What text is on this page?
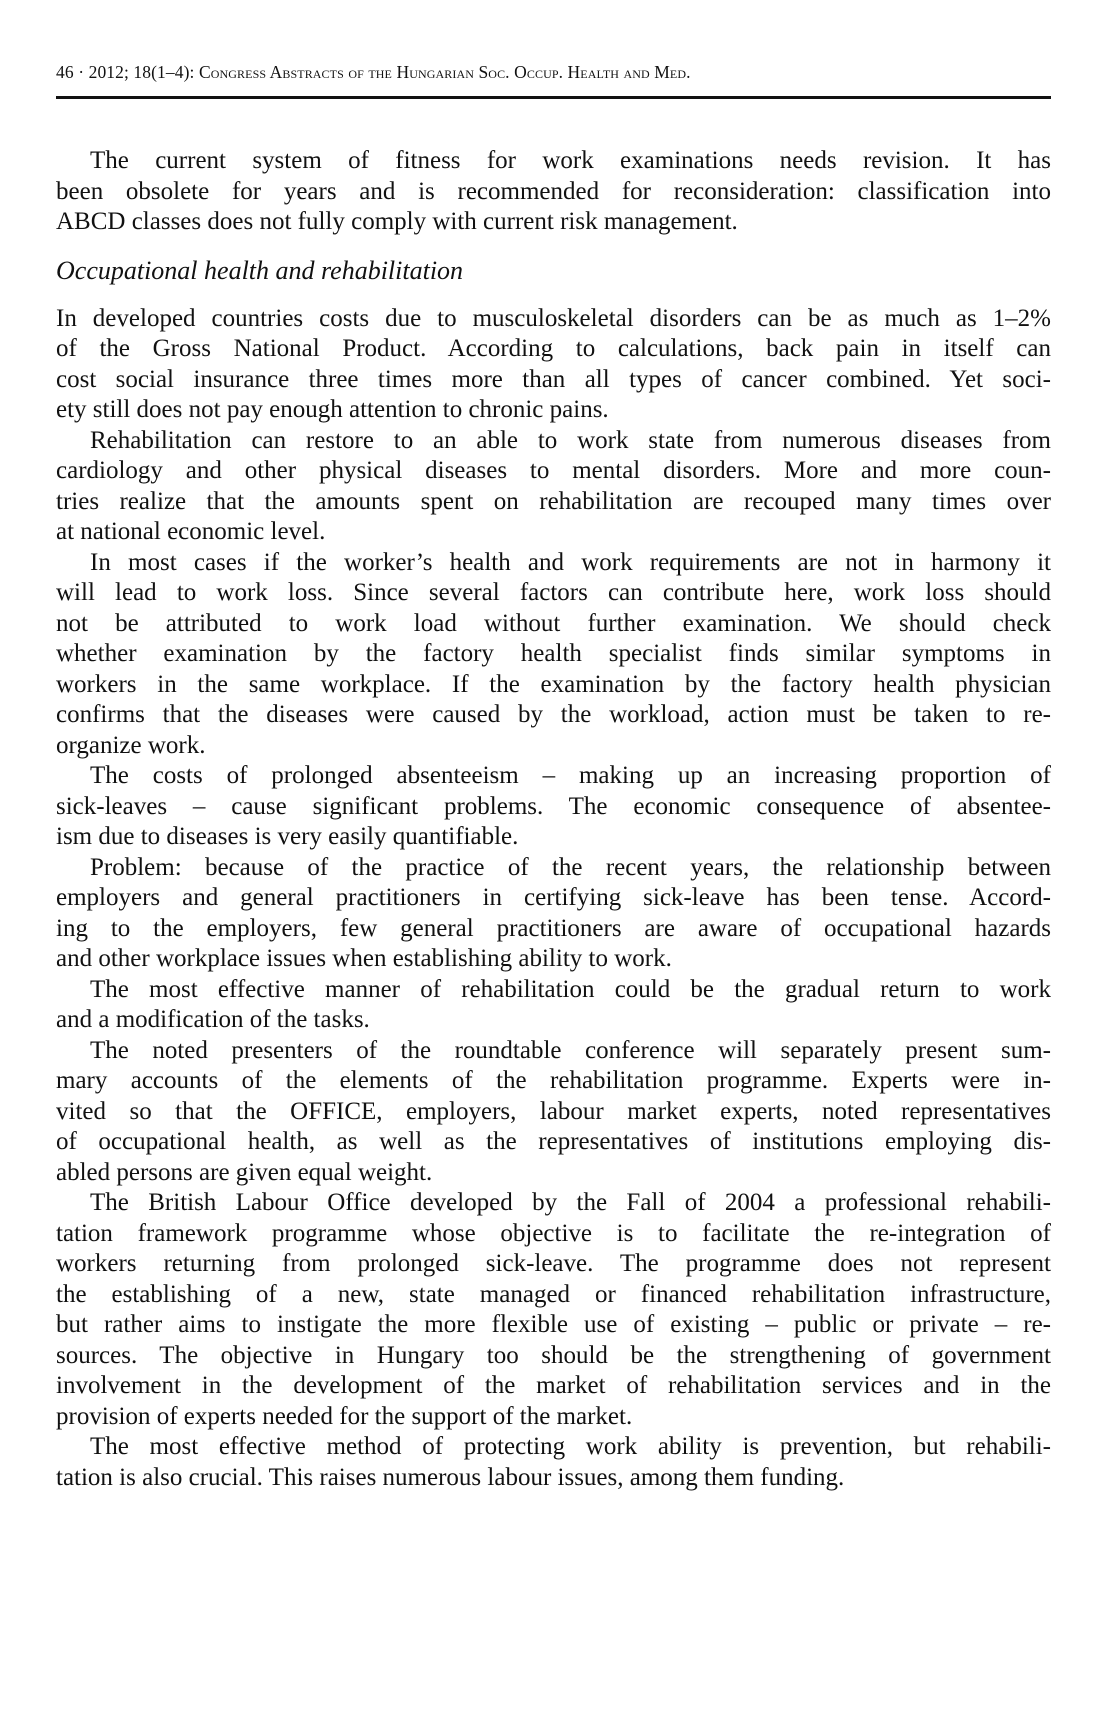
46 · 2012; 18(1–4): Congress Abstracts of the Hungarian Soc. Occup. Health and Med.
The current system of fitness for work examinations needs revision. It has
been obsolete for years and is recommended for reconsideration: classification into
ABCD classes does not fully comply with current risk management.
Occupational health and rehabilitation
In developed countries costs due to musculoskeletal disorders can be as much as 1–2%
of the Gross National Product. According to calculations, back pain in itself can
cost social insurance three times more than all types of cancer combined. Yet soci-
ety still does not pay enough attention to chronic pains.
Rehabilitation can restore to an able to work state from numerous diseases from
cardiology and other physical diseases to mental disorders. More and more coun-
tries realize that the amounts spent on rehabilitation are recouped many times over
at national economic level.
In most cases if the worker’s health and work requirements are not in harmony it
will lead to work loss. Since several factors can contribute here, work loss should
not be attributed to work load without further examination. We should check
whether examination by the factory health specialist finds similar symptoms in
workers in the same workplace. If the examination by the factory health physician
confirms that the diseases were caused by the workload, action must be taken to re-
organize work.
The costs of prolonged absenteeism – making up an increasing proportion of
sick-leaves – cause significant problems. The economic consequence of absentee-
ism due to diseases is very easily quantifiable.
Problem: because of the practice of the recent years, the relationship between
employers and general practitioners in certifying sick-leave has been tense. Accord-
ing to the employers, few general practitioners are aware of occupational hazards
and other workplace issues when establishing ability to work.
The most effective manner of rehabilitation could be the gradual return to work
and a modification of the tasks.
The noted presenters of the roundtable conference will separately present sum-
mary accounts of the elements of the rehabilitation programme. Experts were in-
vited so that the OFFICE, employers, labour market experts, noted representatives
of occupational health, as well as the representatives of institutions employing dis-
abled persons are given equal weight.
The British Labour Office developed by the Fall of 2004 a professional rehabili-
tation framework programme whose objective is to facilitate the re-integration of
workers returning from prolonged sick-leave. The programme does not represent
the establishing of a new, state managed or financed rehabilitation infrastructure,
but rather aims to instigate the more flexible use of existing – public or private – re-
sources. The objective in Hungary too should be the strengthening of government
involvement in the development of the market of rehabilitation services and in the
provision of experts needed for the support of the market.
The most effective method of protecting work ability is prevention, but rehabili-
tation is also crucial. This raises numerous labour issues, among them funding.
